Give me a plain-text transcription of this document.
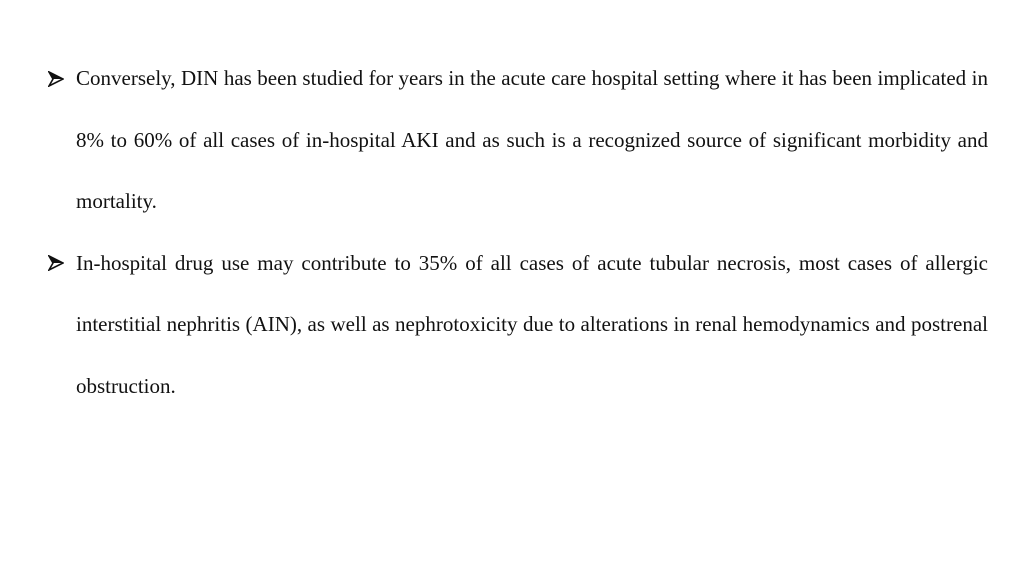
Conversely, DIN has been studied for years in the acute care hospital setting where it has been implicated in 8% to 60% of all cases of in-hospital AKI and as such is a recognized source of significant morbidity and mortality.
In-hospital drug use may contribute to 35% of all cases of acute tubular necrosis, most cases of allergic interstitial nephritis (AIN), as well as nephrotoxicity due to alterations in renal hemodynamics and postrenal obstruction.
